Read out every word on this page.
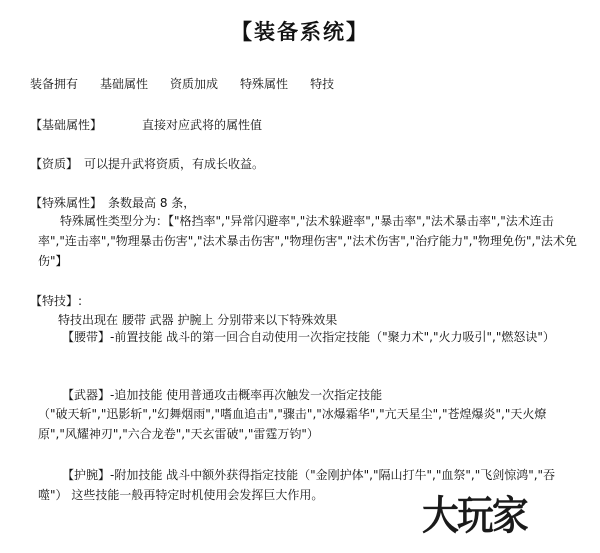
【装备系统】
装备拥有 基础属性 资质加成 特殊属性 特技
【基础属性】	直接对应武将的属性值
【资质】 可以提升武将资质，有成长收益。
【特殊属性】 条数最高 8 条，
特殊属性类型分为：【"格挡率","异常闪避率","法术躲避率","暴击率","法术暴击率","法术连击率","连击率","物理暴击伤害","法术暴击伤害","物理伤害","法术伤害","治疗能力","物理免伤","法术免伤"】
【特技】:
特技出现在 腰带 武器 护腕上 分别带来以下特殊效果
【腰带】-前置技能 战斗的第一回合自动使用一次指定技能（"聚力术","火力吸引","燃怒诀"）
【武器】-追加技能 使用普通攻击概率再次触发一次指定技能
（"破天斩","迅影斩","幻舞烟雨","嗜血追击","骤击","冰爆霜华","亢天星尘","苍煌爆炎","天火燎原","风耀神刃","六合龙卷","天玄雷破","雷霆万钧"）
【护腕】-附加技能 战斗中额外获得指定技能（"金刚护体","隔山打牛","血祭","飞剑惊鸿","吞噬"） 这些技能一般再特定时机使用会发挥巨大作用。	大玩家
